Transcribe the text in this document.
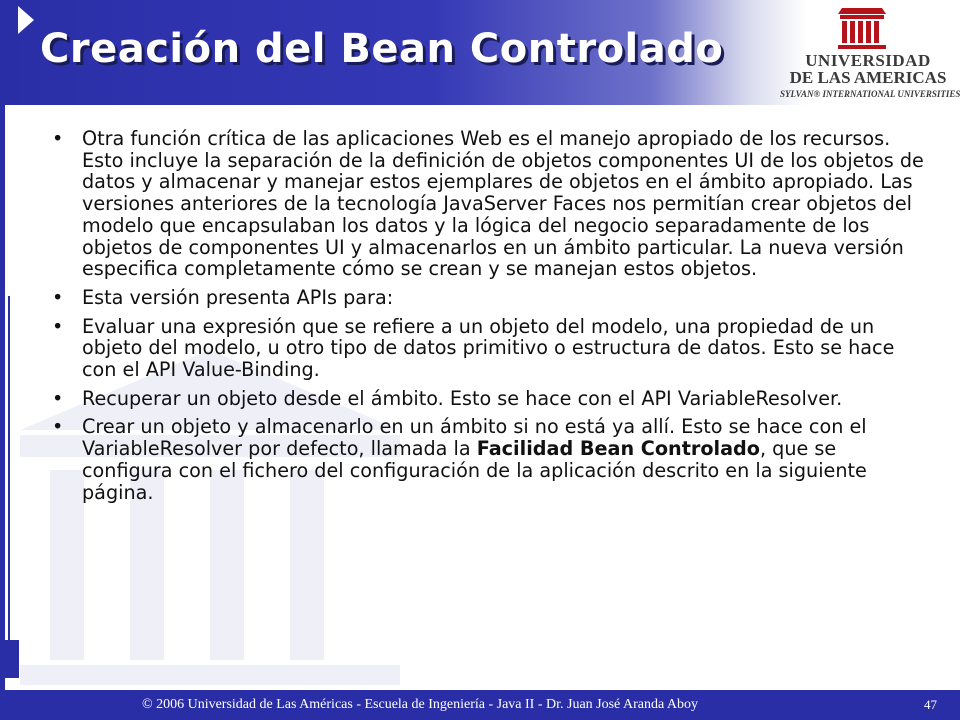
Creación del Bean Controlado	UNIVERSIDAD
DE LAS AMERICAS
SYLVAN® INTERNATIONAL UNIVERSITIES
• Otra función crítica de las aplicaciones Web es el manejo apropiado de los recursos. Esto incluye la separación de la definición de objetos componentes UI de los objetos de datos y almacenar y manejar estos ejemplares de objetos en el ámbito apropiado. Las versiones anteriores de la tecnología JavaServer Faces nos permitían crear objetos del modelo que encapsulaban los datos y la lógica del negocio separadamente de los objetos de componentes UI y almacenarlos en un ámbito particular. La nueva versión especifica completamente cómo se crean y se manejan estos objetos.
• Esta versión presenta APIs para:
• Evaluar una expresión que se refiere a un objeto del modelo, una propiedad de un objeto del modelo, u otro tipo de datos primitivo o estructura de datos. Esto se hace con el API Value-Binding.
• Recuperar un objeto desde el ámbito. Esto se hace con el API VariableResolver.
• Crear un objeto y almacenarlo en un ámbito si no está ya allí. Esto se hace con el VariableResolver por defecto, llamada la Facilidad Bean Controlado, que se configura con el fichero del configuración de la aplicación descrito en la siguiente página.
© 2006 Universidad de Las Américas - Escuela de Ingeniería - Java II - Dr. Juan José Aranda Aboy	47
